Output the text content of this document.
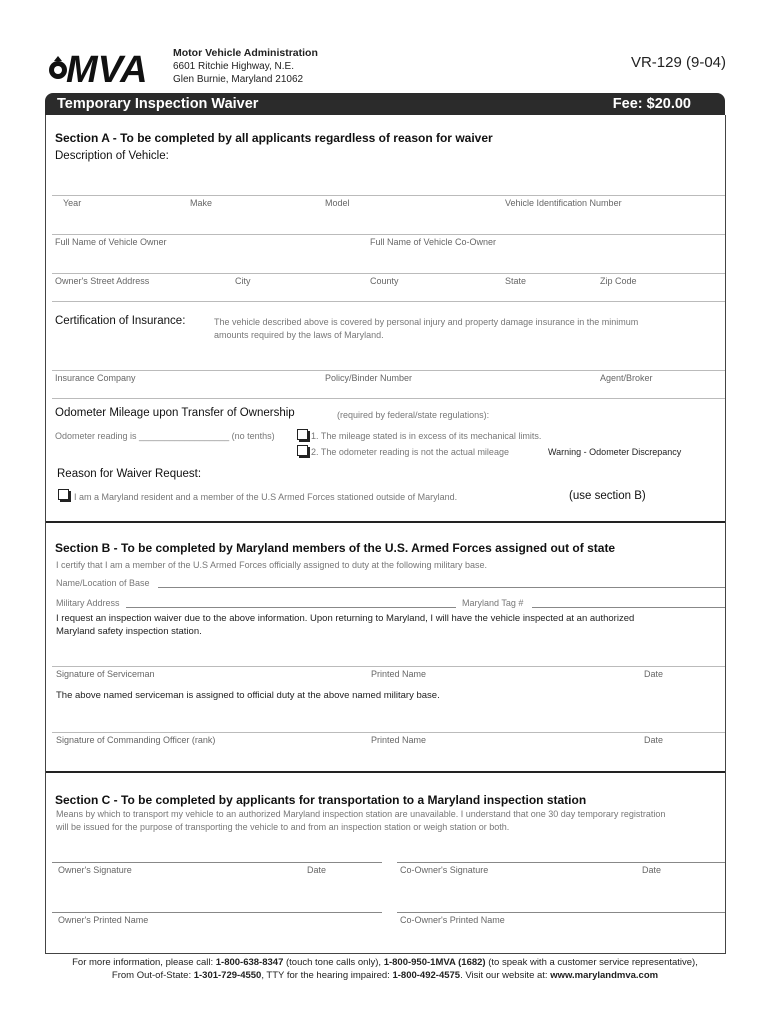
MVA Motor Vehicle Administration
6601 Ritchie Highway, N.E.
Glen Burnie, Maryland 21062
VR-129 (9-04)
Temporary Inspection Waiver	Fee: $20.00
Section A - To be completed by all applicants regardless of reason for waiver
Description of Vehicle:
Year	Make	Model	Vehicle Identification Number
Full Name of Vehicle Owner	Full Name of Vehicle Co-Owner
Owner's Street Address	City	County	State	Zip Code
Certification of Insurance:	The vehicle described above is covered by personal injury and property damage insurance in the minimum
amounts required by the laws of Maryland.
Insurance Company	Policy/Binder Number	Agent/Broker
Odometer Mileage upon Transfer of Ownership	(required by federal/state regulations):
Odometer reading is __________________ (no tenths)	1. The mileage stated is in excess of its mechanical limits.
2. The odometer reading is not the actual mileage	Warning - Odometer Discrepancy
Reason for Waiver Request:
I am a Maryland resident and a member of the U.S Armed Forces stationed outside of Maryland.	(use section B)
Section B - To be completed by Maryland members of the U.S. Armed Forces assigned out of state
I certify that I am a member of the U.S Armed Forces officially assigned to duty at the following military base.
Name/Location of Base
Military Address	Maryland Tag #
I request an inspection waiver due to the above information. Upon returning to Maryland, I will have the vehicle inspected at an authorized
Maryland safety inspection station.
Signature of Serviceman	Printed Name	Date
The above named serviceman is assigned to official duty at the above named military base.
Signature of Commanding Officer (rank)	Printed Name	Date
Section C - To be completed by applicants for transportation to a Maryland inspection station
Means by which to transport my vehicle to an authorized Maryland inspection station are unavailable. I understand that one 30 day temporary registration
will be issued for the purpose of transporting the vehicle to and from an inspection station or weigh station or both.
Owner's Signature	Date	Co-Owner's Signature	Date
Owner's Printed Name	Co-Owner's Printed Name
For more information, please call: 1-800-638-8347 (touch tone calls only), 1-800-950-1MVA (1682) (to speak with a customer service representative),
From Out-of-State: 1-301-729-4550, TTY for the hearing impaired: 1-800-492-4575. Visit our website at: www.marylandmva.com
